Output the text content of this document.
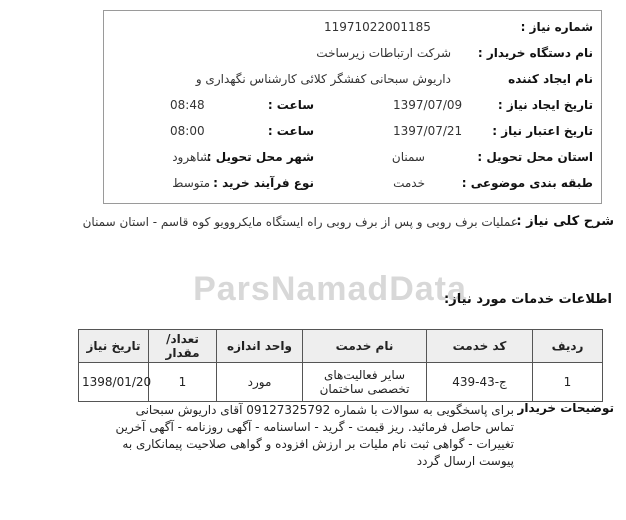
ParsNamadData
شماره نیاز :
11971022001185
نام دستگاه خریدار :
شرکت ارتباطات زیرساخت
نام ایجاد کننده
داریوش سبحانی کفشگر کلائی کارشناس نگهداری و
تاریخ ایجاد نیاز :
1397/07/09
ساعت :
08:48
تاریخ اعتبار نیاز :
1397/07/21
ساعت :
08:00
استان محل تحویل :
سمنان
شهر محل تحویل :
شاهرود
طبقه بندی موضوعی :
خدمت
نوع فرآیند خرید :
متوسط
شرح کلی نیاز :
عملیات برف روبی و پس از برف روبی راه ایستگاه مایکروویو کوه قاسم - استان سمنان
اطلاعات خدمات مورد نیاز:
ردیف	کد خدمت	نام خدمت	واحد اندازه	تعداد/ مقدار	تاریخ نیاز
1	ج-43-439	سایر فعالیت‌های تخصصی ساختمان	مورد	1	1398/01/20
توضیحات خریدار
برای پاسخگویی به سوالات با شماره 09127325792 آقای داریوش سبحانی تماس حاصل فرمائید. ریز قیمت - گرید - اساسنامه - آگهی روزنامه - آگهی آخرین تغییرات - گواهی ثبت نام ملیات بر ارزش افزوده و گواهی صلاحیت پیمانکاری به پیوست ارسال گردد
